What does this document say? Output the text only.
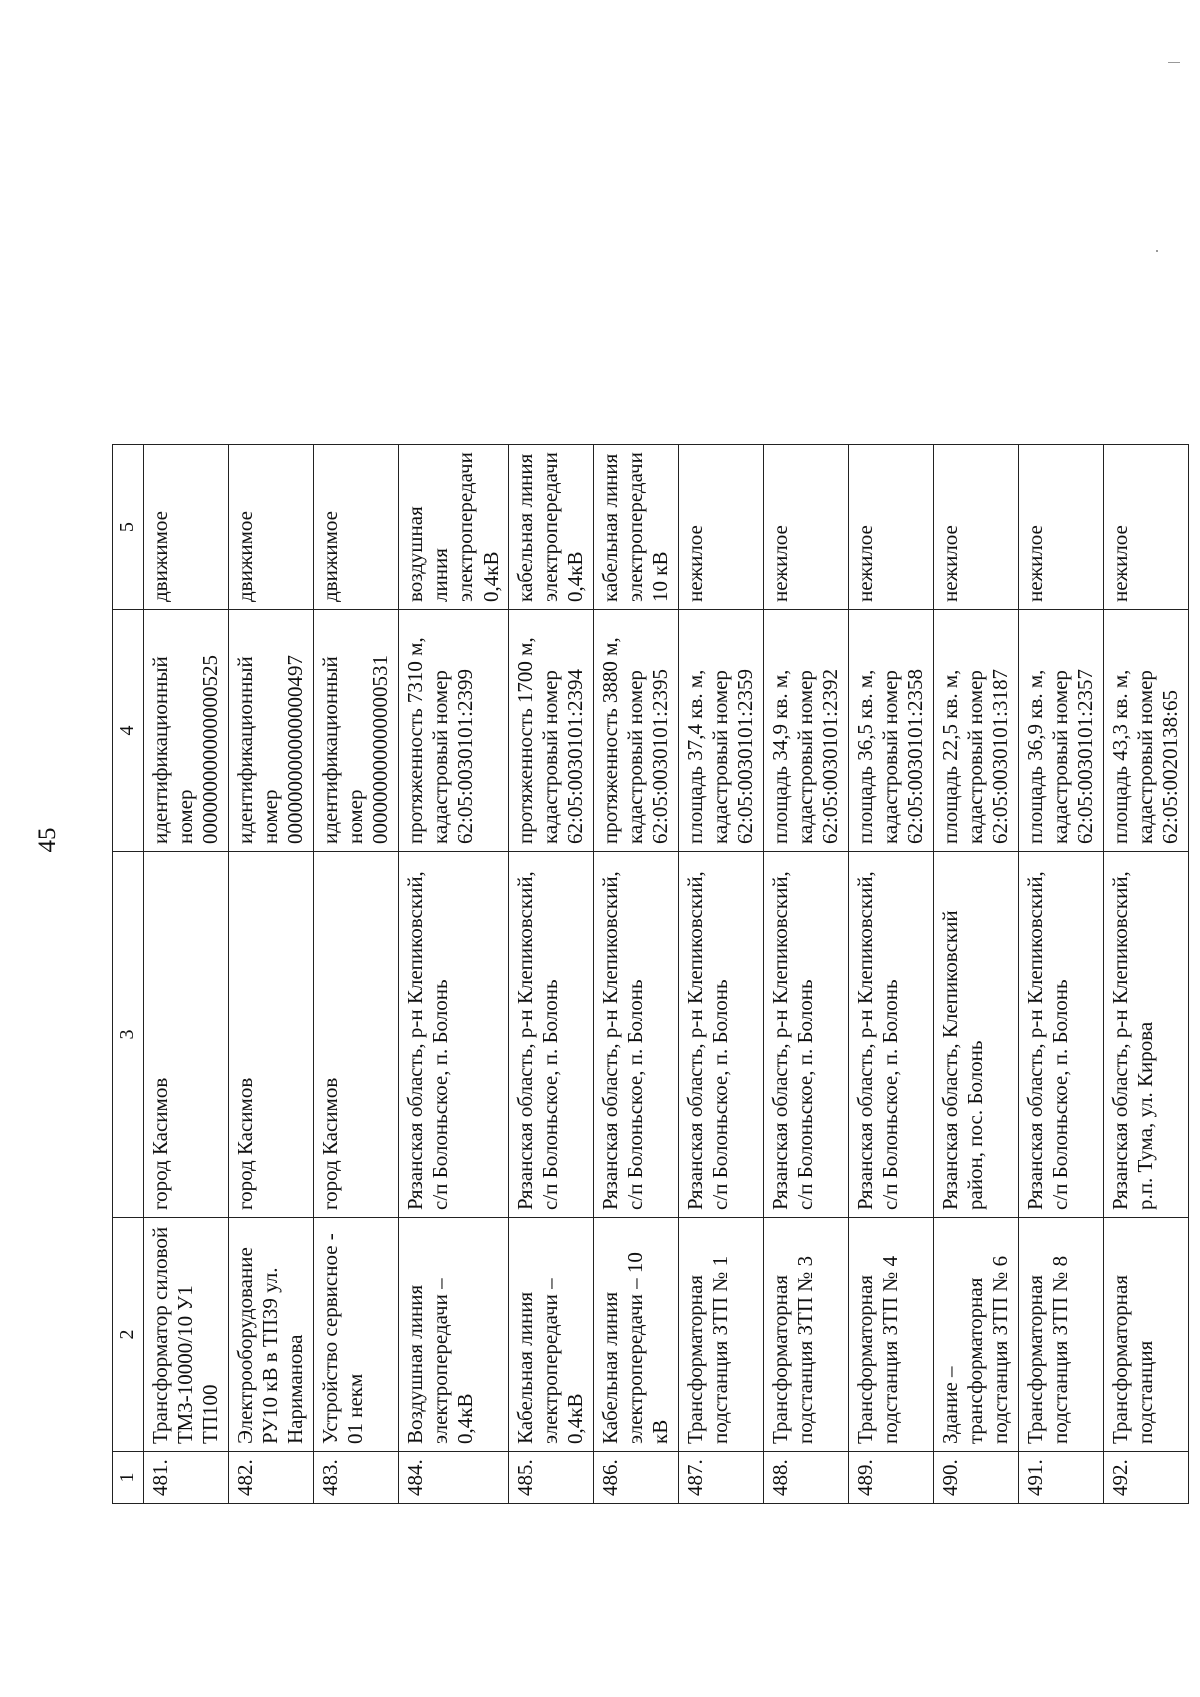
45
1	2	3	4	5
481.	Трансформатор силовой ТМЗ-10000/10 У1 ТП100	город Касимов	идентификационный номер 000000000000000525	движимое
482.	Электрооборудование РУ10 кВ в ТП39 ул. Нариманова	город Касимов	идентификационный номер 000000000000000497	движимое
483.	Устройство сервисное - 01 некм	город Касимов	идентификационный номер 000000000000000531	движимое
484.	Воздушная линия электропередачи – 0,4кВ	Рязанская область, р-н Клепиковский, с/п Болоньское, п. Болонь	протяженность 7310 м, кадастровый номер 62:05:0030101:2399	воздушная линия электропередачи 0,4кВ
485.	Кабельная линия электропередачи – 0,4кВ	Рязанская область, р-н Клепиковский, с/п Болоньское, п. Болонь	протяженность 1700 м, кадастровый номер 62:05:0030101:2394	кабельная линия электропередачи 0,4кВ
486.	Кабельная линия электропередачи – 10 кВ	Рязанская область, р-н Клепиковский, с/п Болоньское, п. Болонь	протяженность 3880 м, кадастровый номер 62:05:0030101:2395	кабельная линия электропередачи 10 кВ
487.	Трансформаторная подстанция ЗТП № 1	Рязанская область, р-н Клепиковский, с/п Болоньское, п. Болонь	площадь 37,4 кв. м, кадастровый номер 62:05:0030101:2359	нежилое
488.	Трансформаторная подстанция ЗТП № 3	Рязанская область, р-н Клепиковский, с/п Болоньское, п. Болонь	площадь 34,9 кв. м, кадастровый номер 62:05:0030101:2392	нежилое
489.	Трансформаторная подстанция ЗТП № 4	Рязанская область, р-н Клепиковский, с/п Болоньское, п. Болонь	площадь 36,5 кв. м, кадастровый номер 62:05:0030101:2358	нежилое
490.	Здание – трансформаторная подстанция ЗТП № 6	Рязанская область, Клепиковский район, пос. Болонь	площадь 22,5 кв. м, кадастровый номер 62:05:0030101:3187	нежилое
491.	Трансформаторная подстанция ЗТП № 8	Рязанская область, р-н Клепиковский, с/п Болоньское, п. Болонь	площадь 36,9 кв. м, кадастровый номер 62:05:0030101:2357	нежилое
492.	Трансформаторная подстанция	Рязанская область, р-н Клепиковский, р.п. Тума, ул. Кирова	площадь 43,3 кв. м, кадастровый номер 62:05:0020138:65	нежилое
